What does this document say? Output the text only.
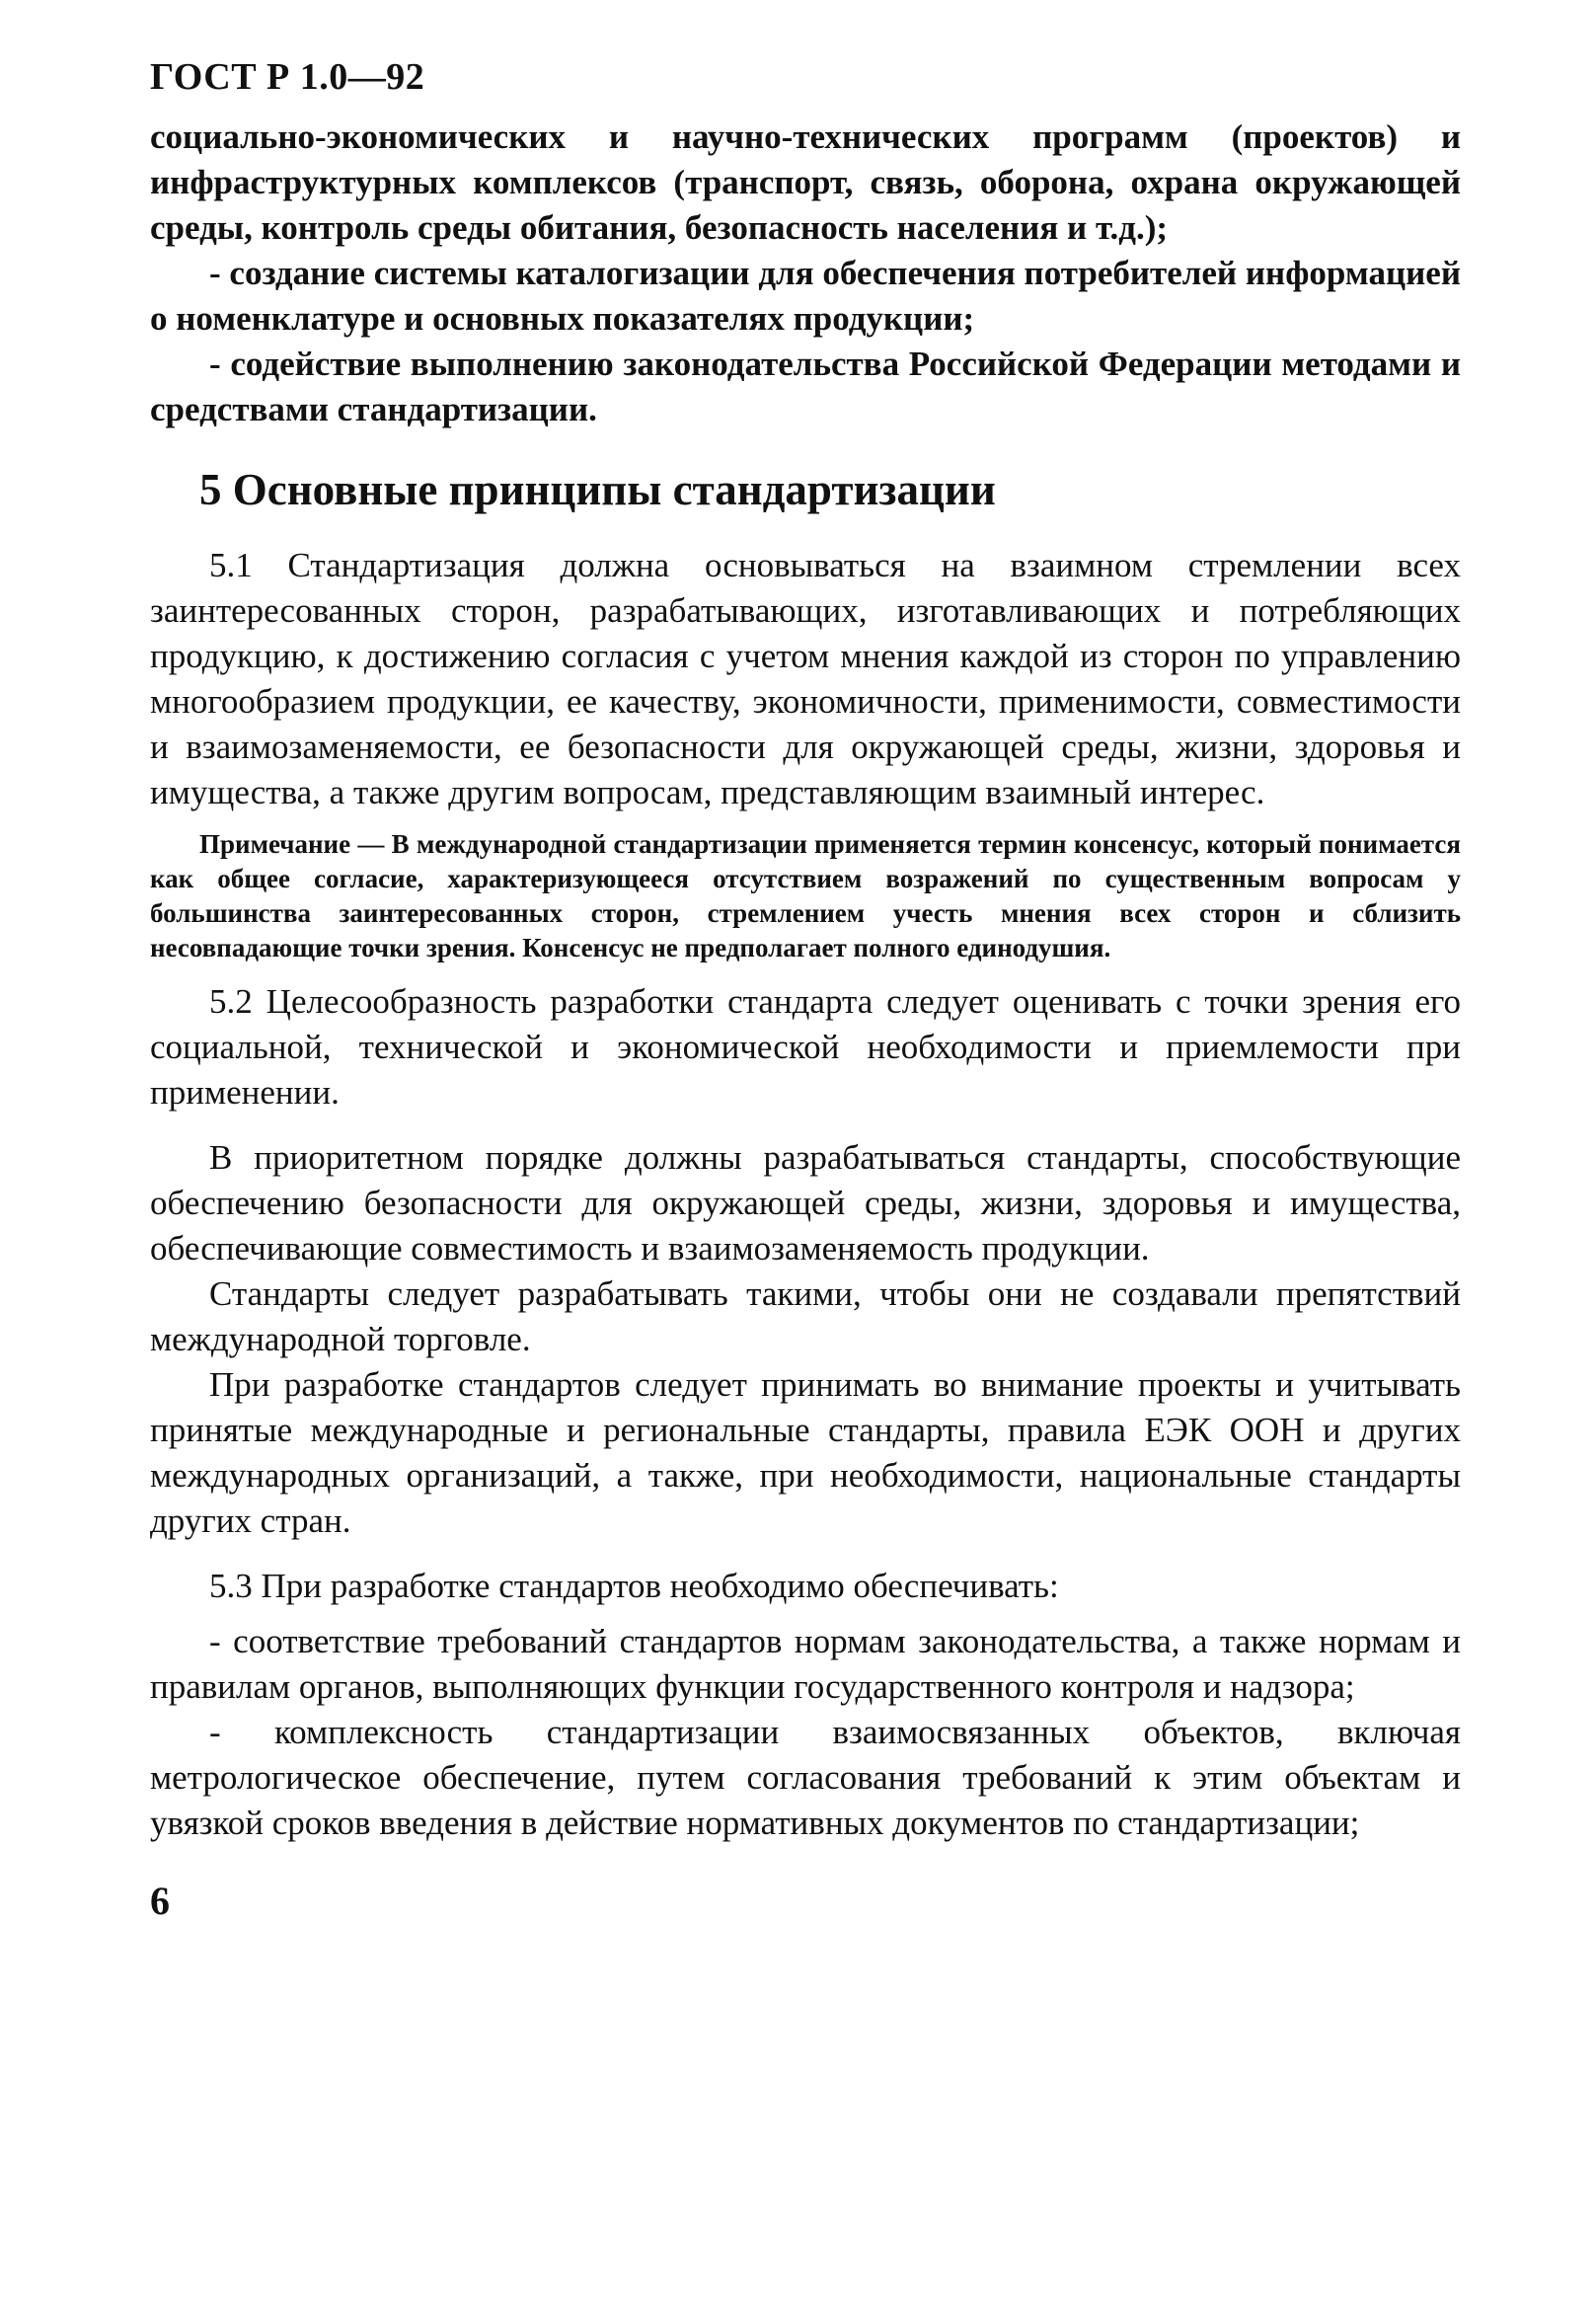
ГОСТ Р 1.0—92

социально-экономических и научно-технических программ (проектов) и инфраструктурных комплексов (транспорт, связь, оборона, охрана окружающей среды, контроль среды обитания, безопасность населения и т.д.);

- создание системы каталогизации для обеспечения потребителей информацией о номенклатуре и основных показателях продукции;

- содействие выполнению законодательства Российской Федерации методами и средствами стандартизации.

5 Основные принципы стандартизации

5.1 Стандартизация должна основываться на взаимном стремлении всех заинтересованных сторон, разрабатывающих, изготавливающих и потребляющих продукцию, к достижению согласия с учетом мнения каждой из сторон по управлению многообразием продукции, ее качеству, экономичности, применимости, совместимости и взаимозаменяемости, ее безопасности для окружающей среды, жизни, здоровья и имущества, а также другим вопросам, представляющим взаимный интерес.

Примечание — В международной стандартизации применяется термин консенсус, который понимается как общее согласие, характеризующееся отсутствием возражений по существенным вопросам у большинства заинтересованных сторон, стремлением учесть мнения всех сторон и сблизить несовпадающие точки зрения. Консенсус не предполагает полного единодушия.

5.2 Целесообразность разработки стандарта следует оценивать с точки зрения его социальной, технической и экономической необходимости и приемлемости при применении.

В приоритетном порядке должны разрабатываться стандарты, способствующие обеспечению безопасности для окружающей среды, жизни, здоровья и имущества, обеспечивающие совместимость и взаимозаменяемость продукции.

Стандарты следует разрабатывать такими, чтобы они не создавали препятствий международной торговле.

При разработке стандартов следует принимать во внимание проекты и учитывать принятые международные и региональные стандарты, правила ЕЭК ООН и других международных организаций, а также, при необходимости, национальные стандарты других стран.

5.3 При разработке стандартов необходимо обеспечивать:

- соответствие требований стандартов нормам законодательства, а также нормам и правилам органов, выполняющих функции государственного контроля и надзора;

- комплексность стандартизации взаимосвязанных объектов, включая метрологическое обеспечение, путем согласования требований к этим объектам и увязкой сроков введения в действие нормативных документов по стандартизации;

6
